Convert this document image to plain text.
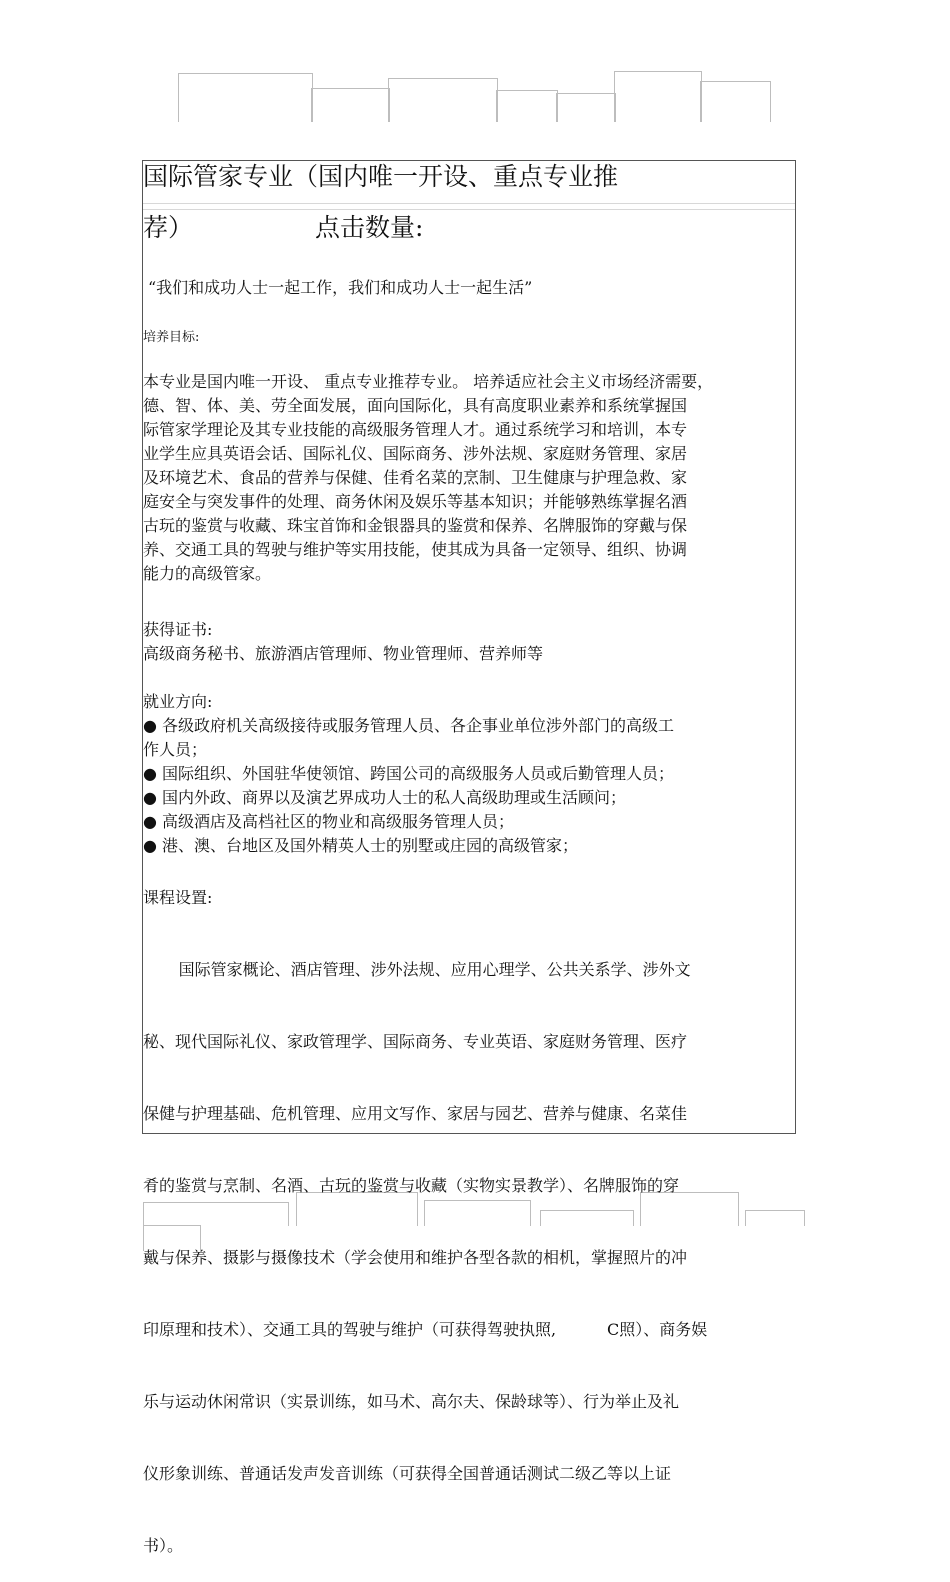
国际管家专业（国内唯一开设、重点专业推
荐）	点击数量:
“我们和成功人士一起工作，我们和成功人士一起生活”
培养目标:
本专业是国内唯一开设、 重点专业推荐专业。 培养适应社会主义市场经济需要，
德、智、体、美、劳全面发展，面向国际化，具有高度职业素养和系统掌握国
际管家学理论及其专业技能的高级服务管理人才。通过系统学习和培训，本专
业学生应具英语会话、国际礼仪、国际商务、涉外法规、家庭财务管理、家居
及环境艺术、食品的营养与保健、佳肴名菜的烹制、卫生健康与护理急救、家
庭安全与突发事件的处理、商务休闲及娱乐等基本知识；并能够熟练掌握名酒
古玩的鉴赏与收藏、珠宝首饰和金银器具的鉴赏和保养、名牌服饰的穿戴与保
养、交通工具的驾驶与维护等实用技能，使其成为具备一定领导、组织、协调
能力的高级管家。
获得证书:
高级商务秘书、旅游酒店管理师、物业管理师、营养师等
就业方向:
● 各级政府机关高级接待或服务管理人员、各企事业单位涉外部门的高级工
作人员；
● 国际组织、外国驻华使领馆、跨国公司的高级服务人员或后勤管理人员；
● 国内外政、商界以及演艺界成功人士的私人高级助理或生活顾问；
● 高级酒店及高档社区的物业和高级服务管理人员；
● 港、澳、台地区及国外精英人士的别墅或庄园的高级管家；
课程设置:

国际管家概论、酒店管理、涉外法规、应用心理学、公共关系学、涉外文

秘、现代国际礼仪、家政管理学、国际商务、专业英语、家庭财务管理、医疗

保健与护理基础、危机管理、应用文写作、家居与园艺、营养与健康、名菜佳

肴的鉴赏与烹制、名酒、古玩的鉴赏与收藏（实物实景教学）、名牌服饰的穿

戴与保养、摄影与摄像技术（学会使用和维护各型各款的相机，掌握照片的冲

印原理和技术）、交通工具的驾驶与维护（可获得驾驶执照,          C照）、商务娱

乐与运动休闲常识（实景训练，如马术、高尔夫、保龄球等）、行为举止及礼

仪形象训练、普通话发声发音训练（可获得全国普通话测试二级乙等以上证

书）。
